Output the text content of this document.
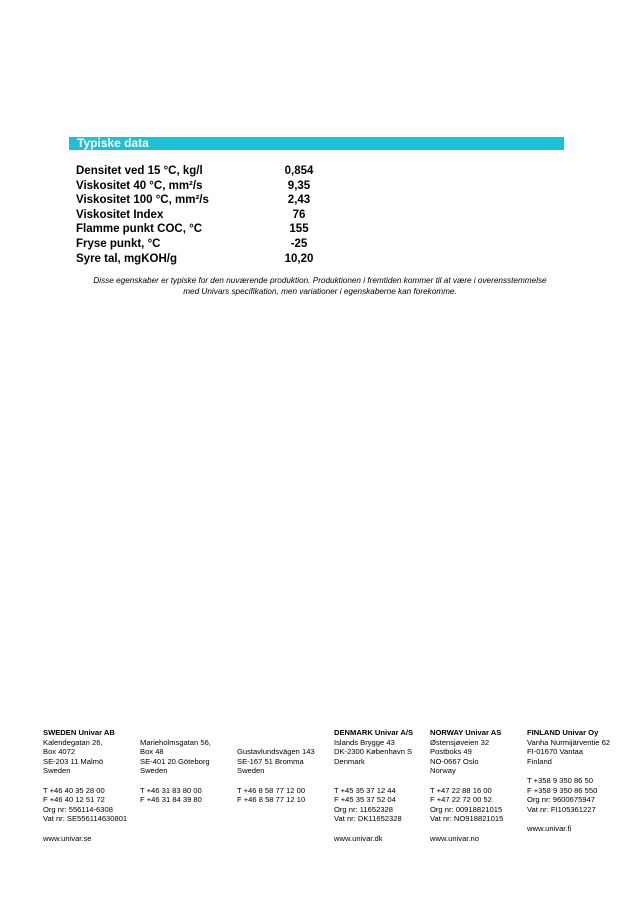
Typiske data
Densitet ved 15 °C, kg/l	0,854
Viskositet 40 °C, mm²/s	9,35
Viskositet 100 °C, mm²/s	2,43
Viskositet Index	76
Flamme punkt COC, °C	155
Fryse punkt, °C	-25
Syre tal, mgKOH/g	10,20
Disse egenskaber er typiske for den nuværende produktion. Produktionen i fremtiden kommer til at være i overensstemmelse
med Univars specifikation, men variationer i egenskaberne kan forekomme.
SWEDEN Univar AB
Kalendegatan 26,
Box 4072
SE-203 11 Malmö
Sweden
T +46 40 35 28 00
F +46 40 12 51 72
Org nr: 556114-6308
Vat nr: SE556114630801
www.univar.se
Marieholmsgatan 56,
Box 48
SE-401 20 Göteborg
Sweden
T +46 31 83 80 00
F +46 31 84 39 80
Gustavlundsvägen 143
SE-167 51 Bromma
Sweden
T +46 8 58 77 12 00
F +46 8 58 77 12 10
DENMARK Univar A/S
Islands Brygge 43
DK-2300 København S
Denmark
T +45 35 37 12 44
F +45 35 37 52 04
Org nr: 11652328
Vat nr: DK11652328
www.univar.dk
NORWAY Univar AS
Østensjøveien 32
Postboks 49
NO-0667 Oslo
Norway
T +47 22 88 16 00
F +47 22 72 00 52
Org nr: 00918821015
Vat nr: NO918821015
www.univar.no
FINLAND Univar Oy
Vanha Nurmijärventie 62
FI-01670 Vantaa
Finland
T +358 9 350 86 50
F +358 9 350 86 550
Org nr: 9600675947
Vat nr: FI105361227
www.univar.fi
